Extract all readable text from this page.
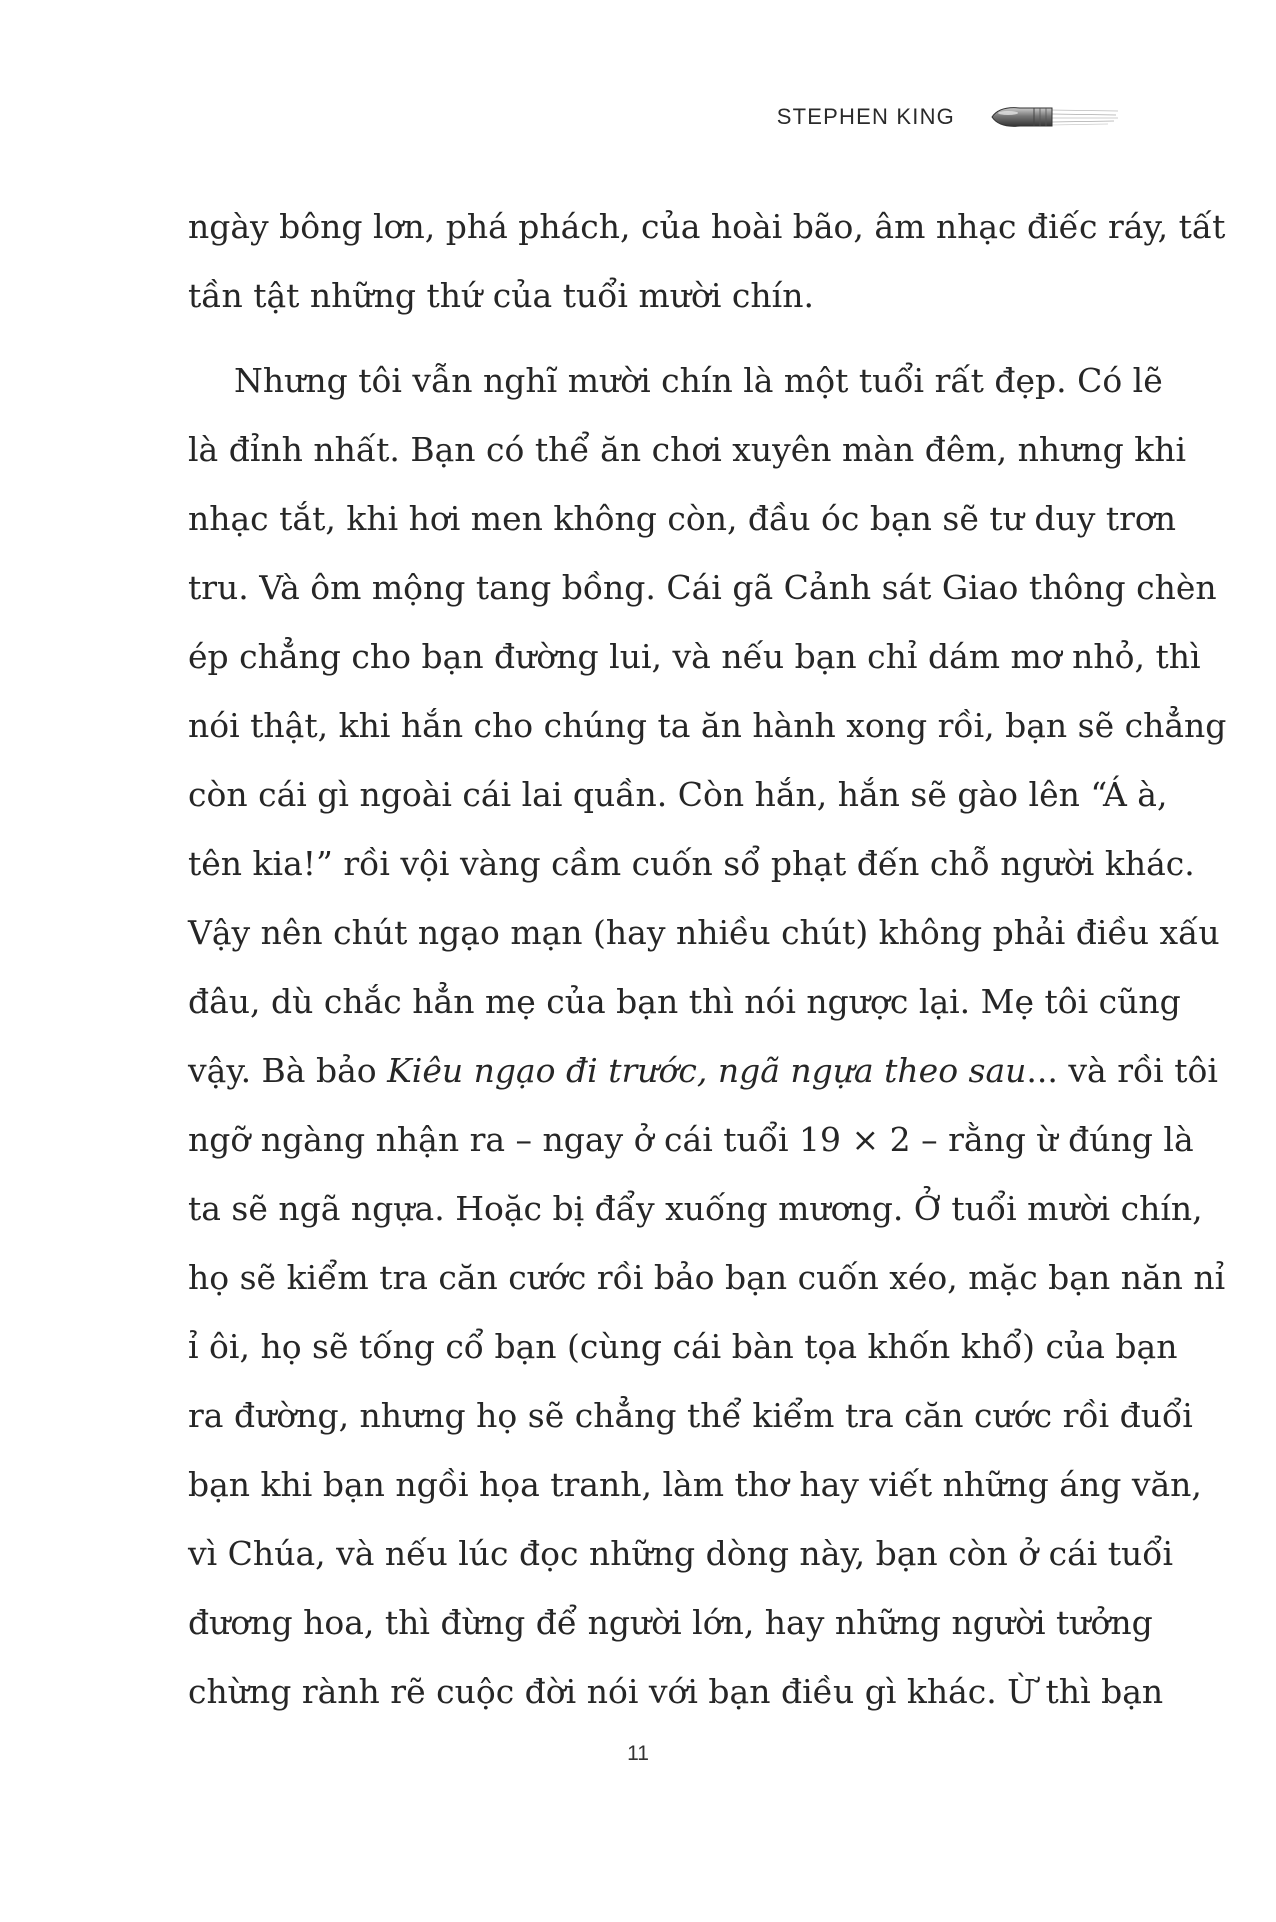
STEPHEN KING

ngày bông lơn, phá phách, của hoài bão, âm nhạc điếc ráy, tất
tần tật những thứ của tuổi mười chín.

Nhưng tôi vẫn nghĩ mười chín là một tuổi rất đẹp. Có lẽ
là đỉnh nhất. Bạn có thể ăn chơi xuyên màn đêm, nhưng khi
nhạc tắt, khi hơi men không còn, đầu óc bạn sẽ tư duy trơn
tru. Và ôm mộng tang bồng. Cái gã Cảnh sát Giao thông chèn
ép chẳng cho bạn đường lui, và nếu bạn chỉ dám mơ nhỏ, thì
nói thật, khi hắn cho chúng ta ăn hành xong rồi, bạn sẽ chẳng
còn cái gì ngoài cái lai quần. Còn hắn, hắn sẽ gào lên “Á à,
tên kia!” rồi vội vàng cầm cuốn sổ phạt đến chỗ người khác.
Vậy nên chút ngạo mạn (hay nhiều chút) không phải điều xấu
đâu, dù chắc hẳn mẹ của bạn thì nói ngược lại. Mẹ tôi cũng
vậy. Bà bảo Kiêu ngạo đi trước, ngã ngựa theo sau... và rồi tôi
ngỡ ngàng nhận ra – ngay ở cái tuổi 19 × 2 – rằng ừ đúng là
ta sẽ ngã ngựa. Hoặc bị đẩy xuống mương. Ở tuổi mười chín,
họ sẽ kiểm tra căn cước rồi bảo bạn cuốn xéo, mặc bạn năn nỉ
ỉ ôi, họ sẽ tống cổ bạn (cùng cái bàn tọa khốn khổ) của bạn
ra đường, nhưng họ sẽ chẳng thể kiểm tra căn cước rồi đuổi
bạn khi bạn ngồi họa tranh, làm thơ hay viết những áng văn,
vì Chúa, và nếu lúc đọc những dòng này, bạn còn ở cái tuổi
đương hoa, thì đừng để người lớn, hay những người tưởng
chừng rành rẽ cuộc đời nói với bạn điều gì khác. Ừ thì bạn

11
